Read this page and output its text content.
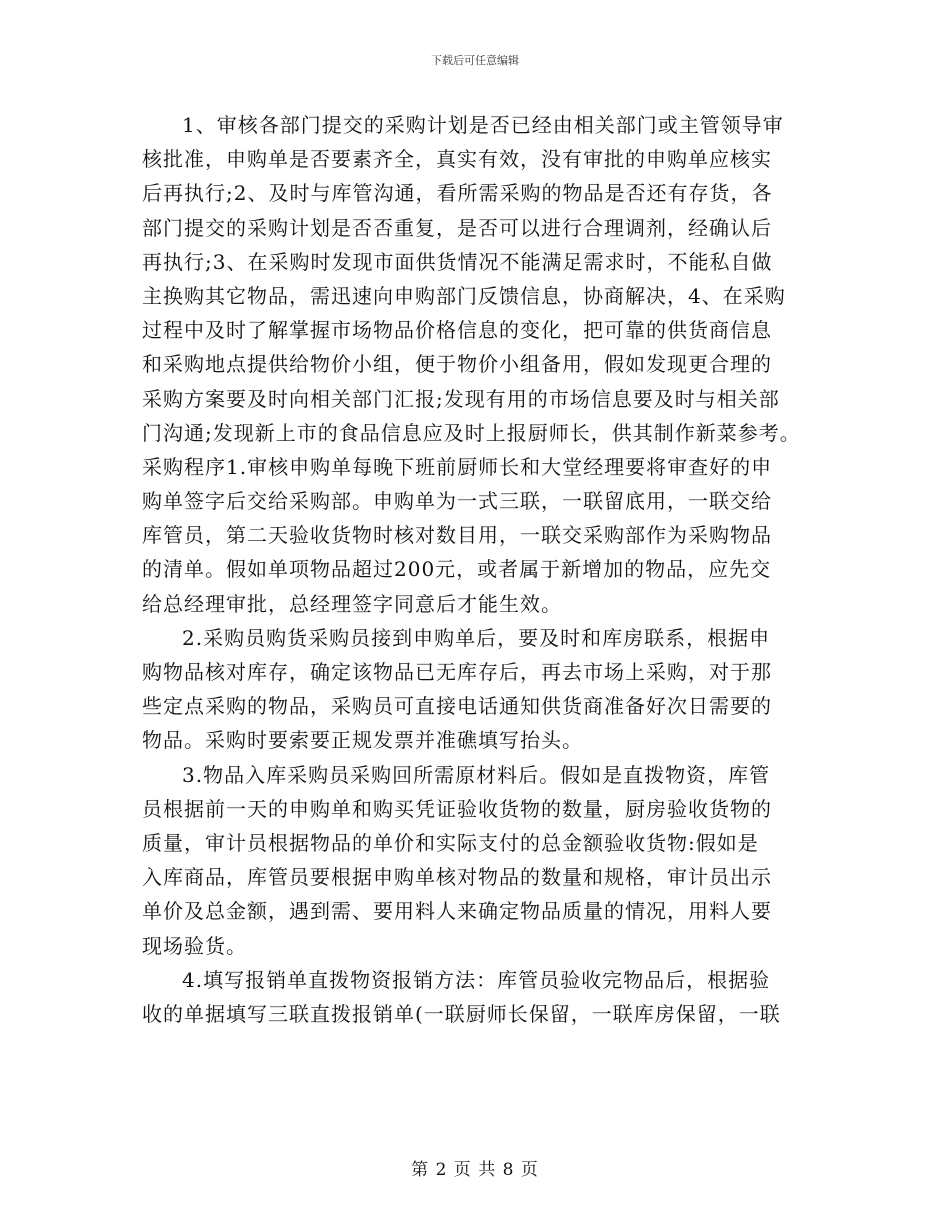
下载后可任意编辑
1、审核各部门提交的采购计划是否已经由相关部门或主管领导审
核批准，申购单是否要素齐全，真实有效，没有审批的申购单应核实
后再执行;2、及时与库管沟通，看所需采购的物品是否还有存货，各
部门提交的采购计划是否否重复，是否可以进行合理调剂，经确认后
再执行;3、在采购时发现市面供货情况不能满足需求时，不能私自做
主换购其它物品，需迅速向申购部门反馈信息，协商解决，4、在采购
过程中及时了解掌握市场物品价格信息的变化，把可靠的供货商信息
和采购地点提供给物价小组，便于物价小组备用，假如发现更合理的
采购方案要及时向相关部门汇报;发现有用的市场信息要及时与相关部
门沟通;发现新上市的食品信息应及时上报厨师长，供其制作新菜参考。
采购程序1.审核申购单每晚下班前厨师长和大堂经理要将审查好的申
购单签字后交给采购部。申购单为一式三联，一联留底用，一联交给
库管员，第二天验收货物时核对数目用，一联交采购部作为采购物品
的清单。假如单项物品超过200元，或者属于新增加的物品，应先交
给总经理审批，总经理签字同意后才能生效。
2.采购员购货采购员接到申购单后，要及时和库房联系，根据申
购物品核对库存，确定该物品已无库存后，再去市场上采购，对于那
些定点采购的物品，采购员可直接电话通知供货商准备好次日需要的
物品。采购时要索要正规发票并准礁填写抬头。
3.物品入库采购员采购回所需原材料后。假如是直拨物资，库管
员根据前一天的申购单和购买凭证验收货物的数量，厨房验收货物的
质量，审计员根据物品的单价和实际支付的总金额验收货物:假如是
入库商品，库管员要根据申购单核对物品的数量和规格，审计员出示
单价及总金额，遇到需、要用料人来确定物品质量的情况，用料人要
现场验货。
4.填写报销单直拨物资报销方法：库管员验收完物品后，根据验
收的单据填写三联直拨报销单(一联厨师长保留，一联库房保留，一联
第 2 页 共 8 页
